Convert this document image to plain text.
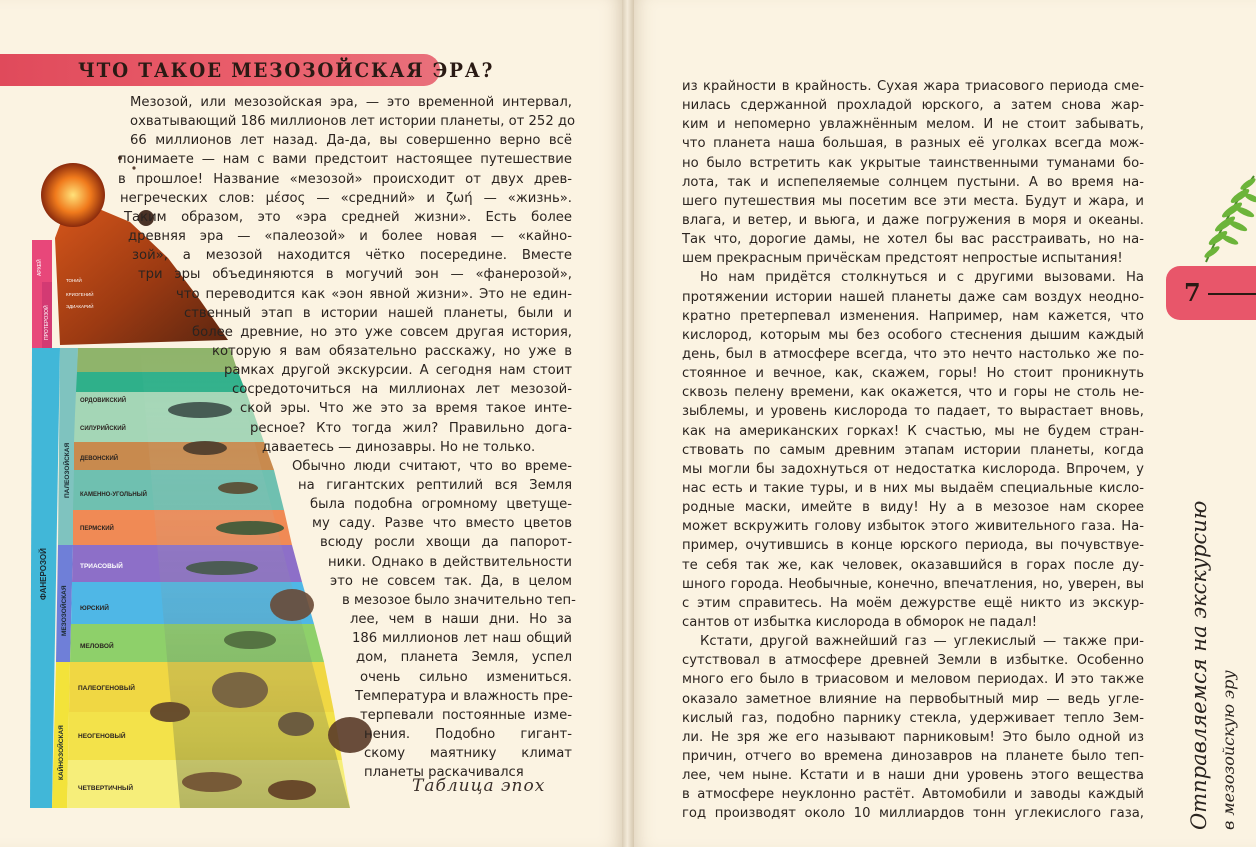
ЧТО ТАКОЕ МЕЗОЗОЙСКАЯ ЭРА?
АРХЕЙ
ПРОТЕРОЗОЙ
ТОНИЙ
КРИОГЕНИЙ
ЭДИАКАРИЙ
ФАНЕРОЗОЙ
ПАЛЕОЗОЙСКАЯ
МЕЗОЗОЙСКАЯ
КАЙНОЗОЙСКАЯ
ОРДОВИКСКИЙ
СИЛУРИЙСКИЙ
ДЕВОНСКИЙ
КАМЕННО-УГОЛЬНЫЙ
ПЕРМСКИЙ
ТРИАСОВЫЙ
ЮРСКИЙ
МЕЛОВОЙ
ПАЛЕОГЕНОВЫЙ
НЕОГЕНОВЫЙ
ЧЕТВЕРТИЧНЫЙ	Таблица эпох
Мезозой, или мезозойская эра, — это временной интервал,
охватывающий 186 миллионов лет истории планеты, от 252 до
66 миллионов лет назад. Да-да, вы совершенно верно всё
понимаете — нам с вами предстоит настоящее путешествие
в прошлое! Название «мезозой» происходит от двух древ-
негреческих слов: μέσος — «средний» и ζωή — «жизнь».
Таким образом, это «эра средней жизни». Есть более
древняя эра — «палеозой» и более новая — «кайно-
зой», а мезозой находится чётко посередине. Вместе
три эры объединяются в могучий эон — «фанерозой»,
что переводится как «эон явной жизни». Это не един-
ственный этап в истории нашей планеты, были и
более древние, но это уже совсем другая история,
которую я вам обязательно расскажу, но уже в
рамках другой экскурсии. А сегодня нам стоит
сосредоточиться на миллионах лет мезозой-
ской эры. Что же это за время такое инте-
ресное? Кто тогда жил? Правильно дога-
даваетесь — динозавры. Но не только.
Обычно люди считают, что во време-
на гигантских рептилий вся Земля
была подобна огромному цветуще-
му саду. Разве что вместо цветов
всюду росли хвощи да папорот-
ники. Однако в действительности
это не совсем так. Да, в целом
в мезозое было значительно теп-
лее, чем в наши дни. Но за
186 миллионов лет наш общий
дом, планета Земля, успел
очень сильно измениться.
Температура и влажность пре-
терпевали постоянные изме-
нения. Подобно гигант-
скому маятнику климат
планеты раскачивался
из крайности в крайность. Сухая жара триасового периода сме-
нилась сдержанной прохладой юрского, а затем снова жар-
ким и непомерно увлажнённым мелом. И не стоит забывать,
что планета наша большая, в разных её уголках всегда мож-
но было встретить как укрытые таинственными туманами бо-
лота, так и испепеляемые солнцем пустыни. А во время на-
шего путешествия мы посетим все эти места. Будут и жара, и
влага, и ветер, и вьюга, и даже погружения в моря и океаны.
Так что, дорогие дамы, не хотел бы вас расстраивать, но на-
шем прекрасным причёскам предстоят непростые испытания!
Но нам придётся столкнуться и с другими вызовами. На
протяжении истории нашей планеты даже сам воздух неодно-
кратно претерпевал изменения. Например, нам кажется, что
кислород, которым мы без особого стеснения дышим каждый
день, был в атмосфере всегда, что это нечто настолько же по-
стоянное и вечное, как, скажем, горы! Но стоит проникнуть
сквозь пелену времени, как окажется, что и горы не столь не-
зыблемы, и уровень кислорода то падает, то вырастает вновь,
как на американских горках! К счастью, мы не будем стран-
ствовать по самым древним этапам истории планеты, когда
мы могли бы задохнуться от недостатка кислорода. Впрочем, у
нас есть и такие туры, и в них мы выдаём специальные кисло-
родные маски, имейте в виду! Ну а в мезозое нам скорее
может вскружить голову избыток этого живительного газа. На-
пример, очутившись в конце юрского периода, вы почувствуе-
те себя так же, как человек, оказавшийся в горах после ду-
шного города. Необычные, конечно, впечатления, но, уверен, вы
с этим справитесь. На моём дежурстве ещё никто из экскур-
сантов от избытка кислорода в обморок не падал!
Кстати, другой важнейший газ — углекислый — также при-
сутствовал в атмосфере древней Земли в избытке. Особенно
много его было в триасовом и меловом периодах. И это также
оказало заметное влияние на первобытный мир — ведь угле-
кислый газ, подобно парнику стекла, удерживает тепло Зем-
ли. Не зря же его называют парниковым! Это было одной из
причин, отчего во времена динозавров на планете было теп-
лее, чем ныне. Кстати и в наши дни уровень этого вещества
в атмосфере неуклонно растёт. Автомобили и заводы каждый
год производят около 10 миллиардов тонн углекислого газа,
7
Отправляемся на экскурсию в мезозойскую эру
